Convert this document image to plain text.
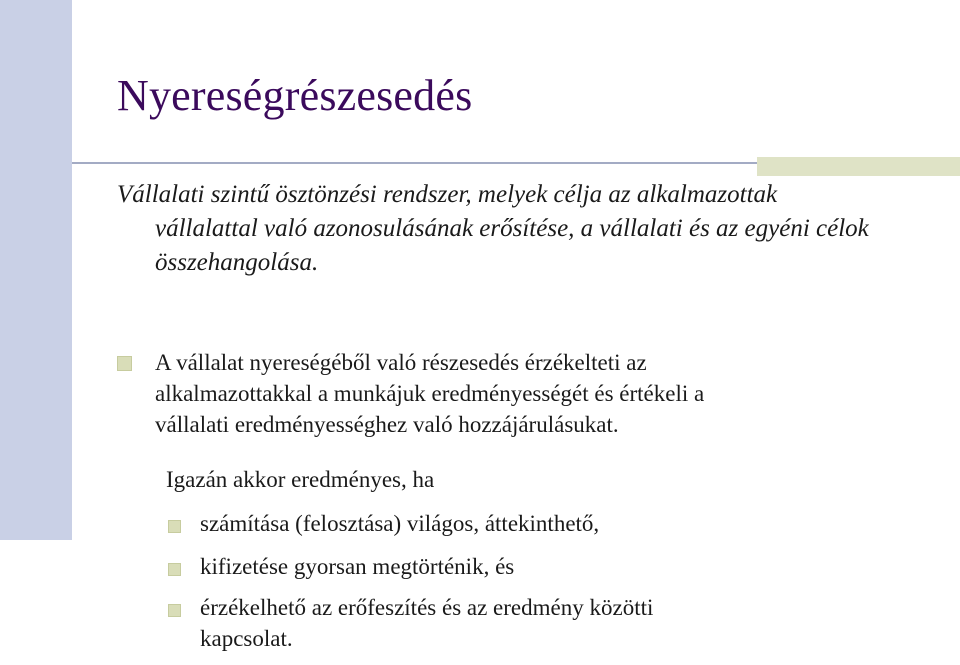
Nyereségrészesedés

Vállalati szintű ösztönzési rendszer, melyek célja az alkalmazottak
vállalattal való azonosulásának erősítése, a vállalati és az egyéni célok
összehangolása.

A vállalat nyereségéből való részesedés érzékelteti az
alkalmazottakkal a munkájuk eredményességét és értékeli a
vállalati eredményességhez való hozzájárulásukat.

Igazán akkor eredményes, ha

számítása (felosztása) világos, áttekinthető,

kifizetése gyorsan megtörténik, és

érzékelhető az erőfeszítés és az eredmény közötti
kapcsolat.
